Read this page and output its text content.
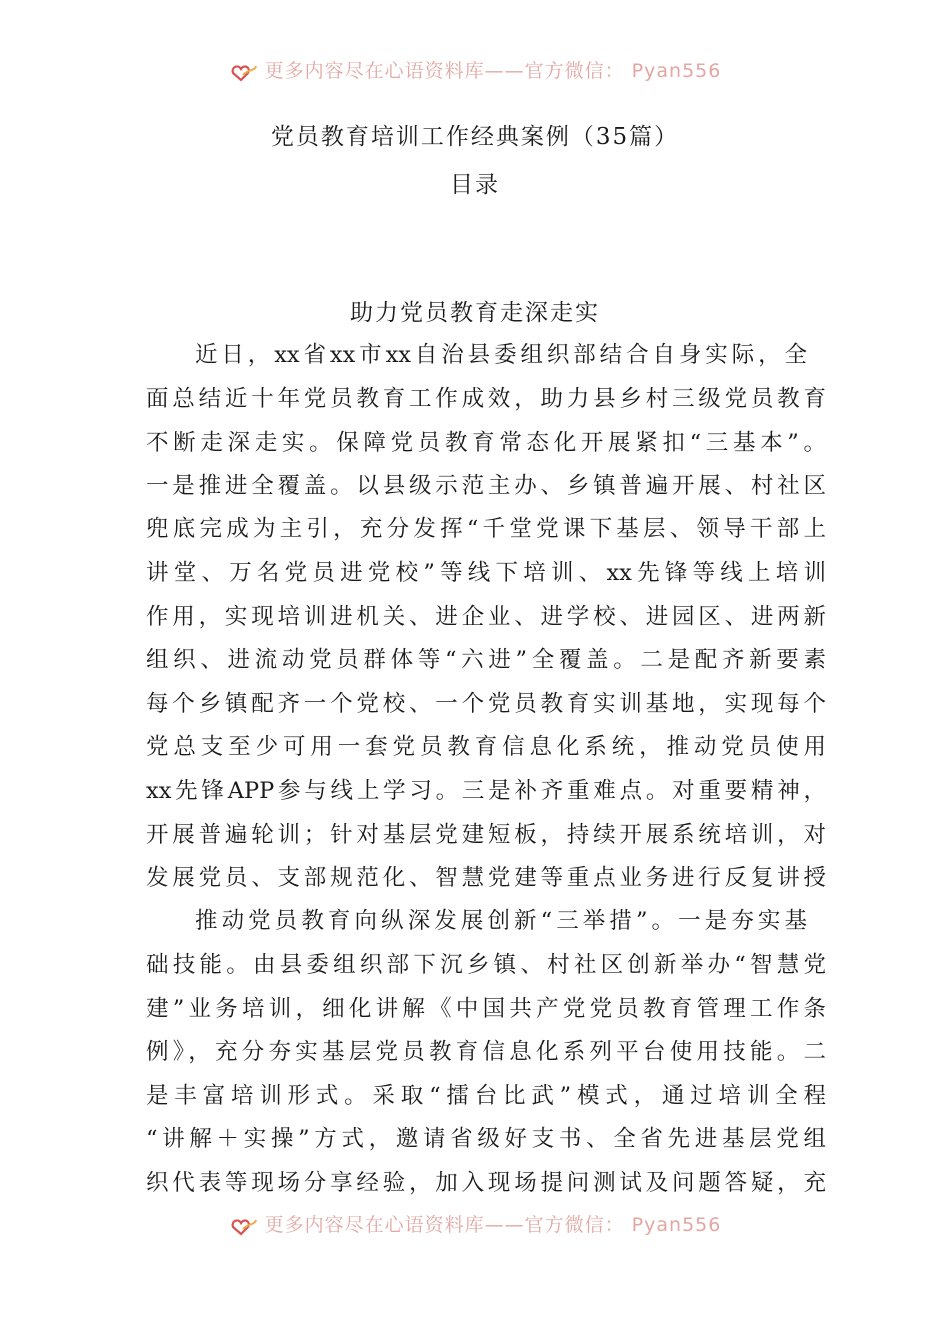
更多内容尽在心语资料库——官方微信： Pyan556
党员教育培训工作经典案例（35篇）
目录
助力党员教育走深走实
近日，xx省xx市xx自治县委组织部结合自身实际，全
面总结近十年党员教育工作成效，助力县乡村三级党员教育
不断走深走实。保障党员教育常态化开展紧扣“三基本”。
一是推进全覆盖。以县级示范主办、乡镇普遍开展、村社区
兜底完成为主引，充分发挥“千堂党课下基层、领导干部上
讲堂、万名党员进党校”等线下培训、xx先锋等线上培训
作用，实现培训进机关、进企业、进学校、进园区、进两新
组织、进流动党员群体等“六进”全覆盖。二是配齐新要素
每个乡镇配齐一个党校、一个党员教育实训基地，实现每个
党总支至少可用一套党员教育信息化系统，推动党员使用
xx先锋APP参与线上学习。三是补齐重难点。对重要精神，
开展普遍轮训；针对基层党建短板，持续开展系统培训，对
发展党员、支部规范化、智慧党建等重点业务进行反复讲授
推动党员教育向纵深发展创新“三举措”。一是夯实基
础技能。由县委组织部下沉乡镇、村社区创新举办“智慧党
建”业务培训，细化讲解《中国共产党党员教育管理工作条
例》，充分夯实基层党员教育信息化系列平台使用技能。二
是丰富培训形式。采取“擂台比武”模式，通过培训全程
“讲解＋实操”方式，邀请省级好支书、全省先进基层党组
织代表等现场分享经验，加入现场提问测试及问题答疑，充
更多内容尽在心语资料库——官方微信： Pyan556
